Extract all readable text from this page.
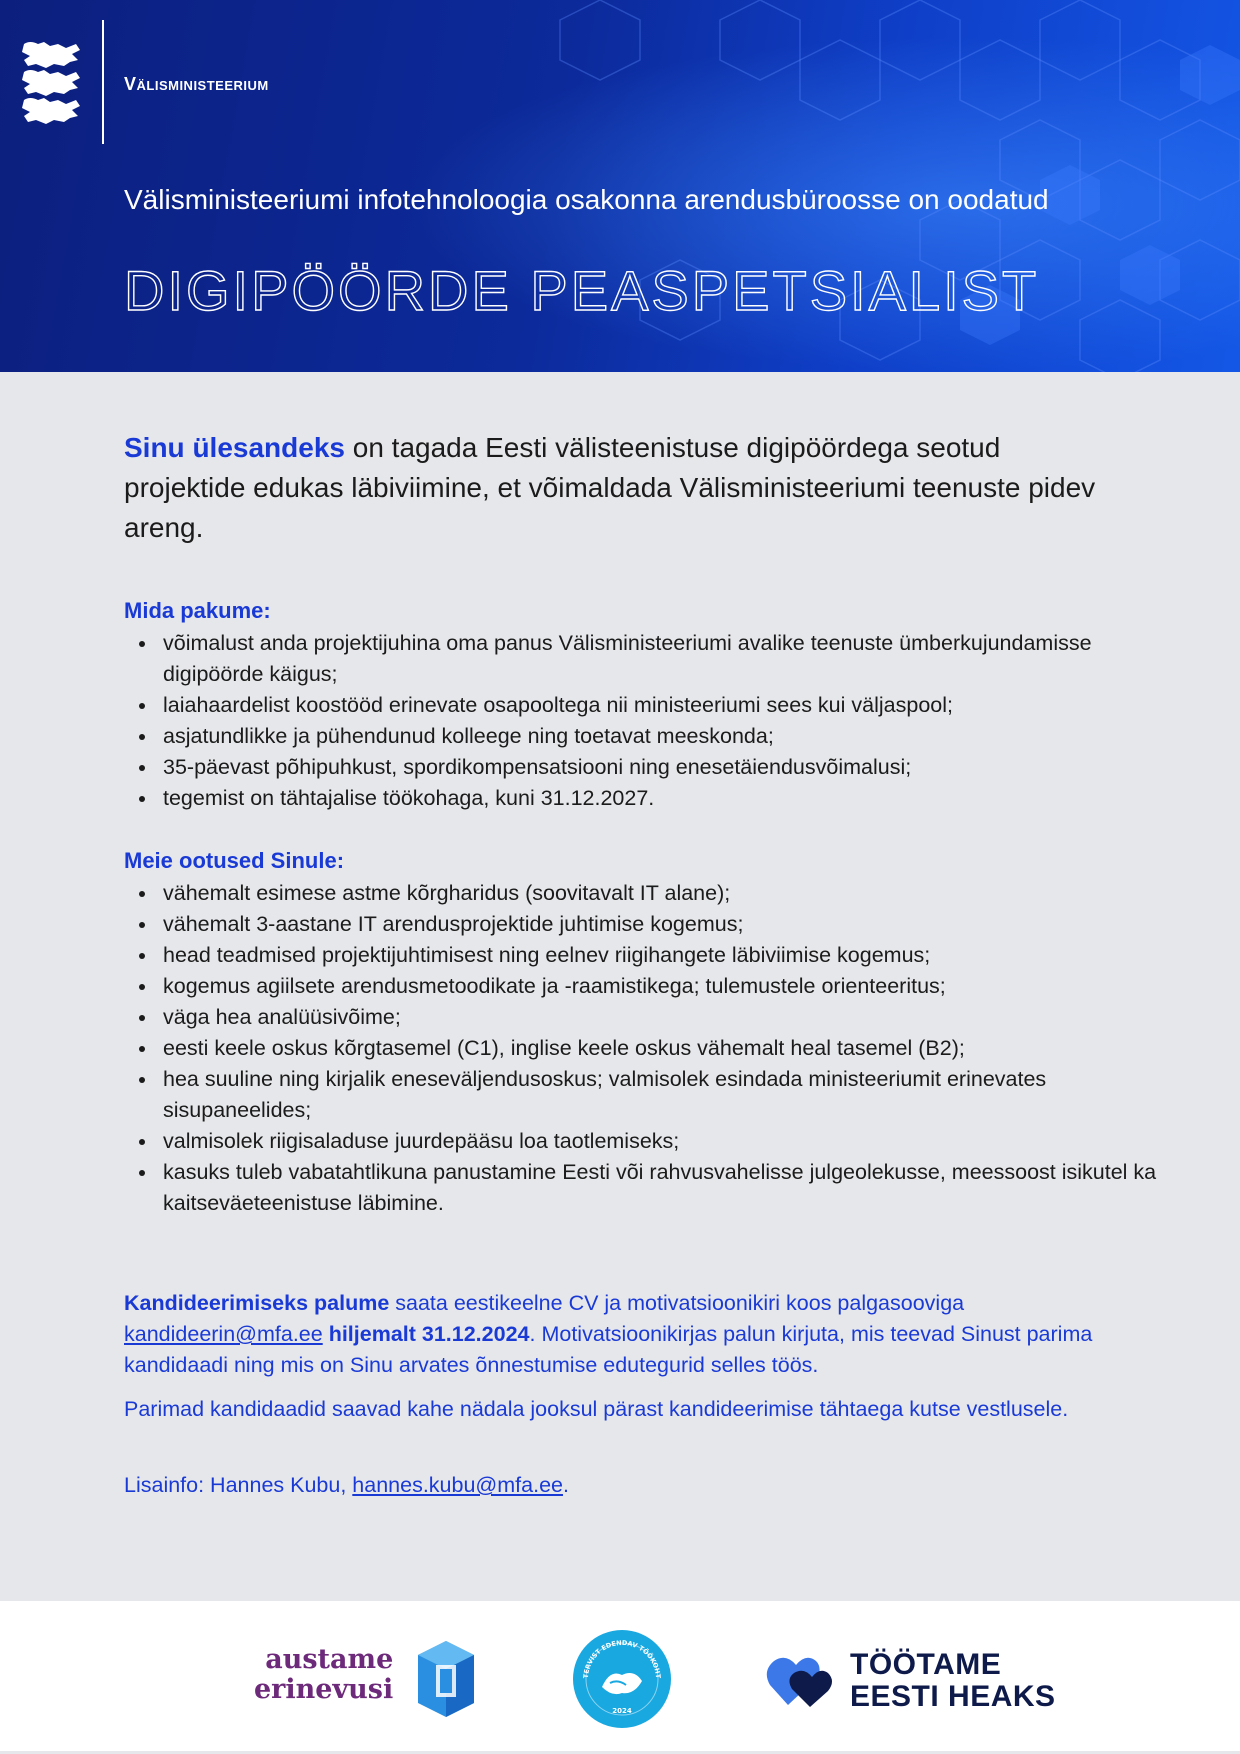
Välisministeerium
Välisministeeriumi infotehnoloogia osakonna arendusbüroosse on oodatud
DIGIPÖÖRDE PEASPETSIALIST

Sinu ülesandeks on tagada Eesti välisteenistuse digipöördega seotud projektide edukas läbiviimine, et võimaldada Välisministeeriumi teenuste pidev areng.

Mida pakume:
võimalust anda projektijuhina oma panus Välisministeeriumi avalike teenuste ümberkujundamisse digipöörde käigus;
laiahaardelist koostööd erinevate osapooltega nii ministeeriumi sees kui väljaspool;
asjatundlikke ja pühendunud kolleege ning toetavat meeskonda;
35-päevast põhipuhkust, spordikompensatsiooni ning enesetäiendusvõimalusi;
tegemist on tähtajalise töökohaga, kuni 31.12.2027.
Meie ootused Sinule:
vähemalt esimese astme kõrgharidus (soovitavalt IT alane);
vähemalt 3-aastane IT arendusprojektide juhtimise kogemus;
head teadmised projektijuhtimisest ning eelnev riigihangete läbiviimise kogemus;
kogemus agiilsete arendusmetoodikate ja -raamistikega; tulemustele orienteeritus;
väga hea analüüsivõime;
eesti keele oskus kõrgtasemel (C1), inglise keele oskus vähemalt heal tasemel (B2);
hea suuline ning kirjalik eneseväljendusoskus; valmisolek esindada ministeeriumit erinevates sisupaneelides;
valmisolek riigisaladuse juurdepääsu loa taotlemiseks;
kasuks tuleb vabatahtlikuna panustamine Eesti või rahvusvahelisse julgeolekusse, meessoost isikutel ka kaitseväeteenistuse läbimine.

Kandideerimiseks palume saata eestikeelne CV ja motivatsioonikiri koos palgasooviga kandideerin@mfa.ee hiljemalt 31.12.2024. Motivatsioonikirjas palun kirjuta, mis teevad Sinust parima kandidaadi ning mis on Sinu arvates õnnestumise edutegurid selles töös.

Parimad kandidaadid saavad kahe nädala jooksul pärast kandideerimise tähtaega kutse vestlusele.

Lisainfo: Hannes Kubu, hannes.kubu@mfa.ee.

austame
erinevusi
2024
TERVIST EDENDAV TÖÖKOHT	TÖÖTAME
EESTI HEAKS
